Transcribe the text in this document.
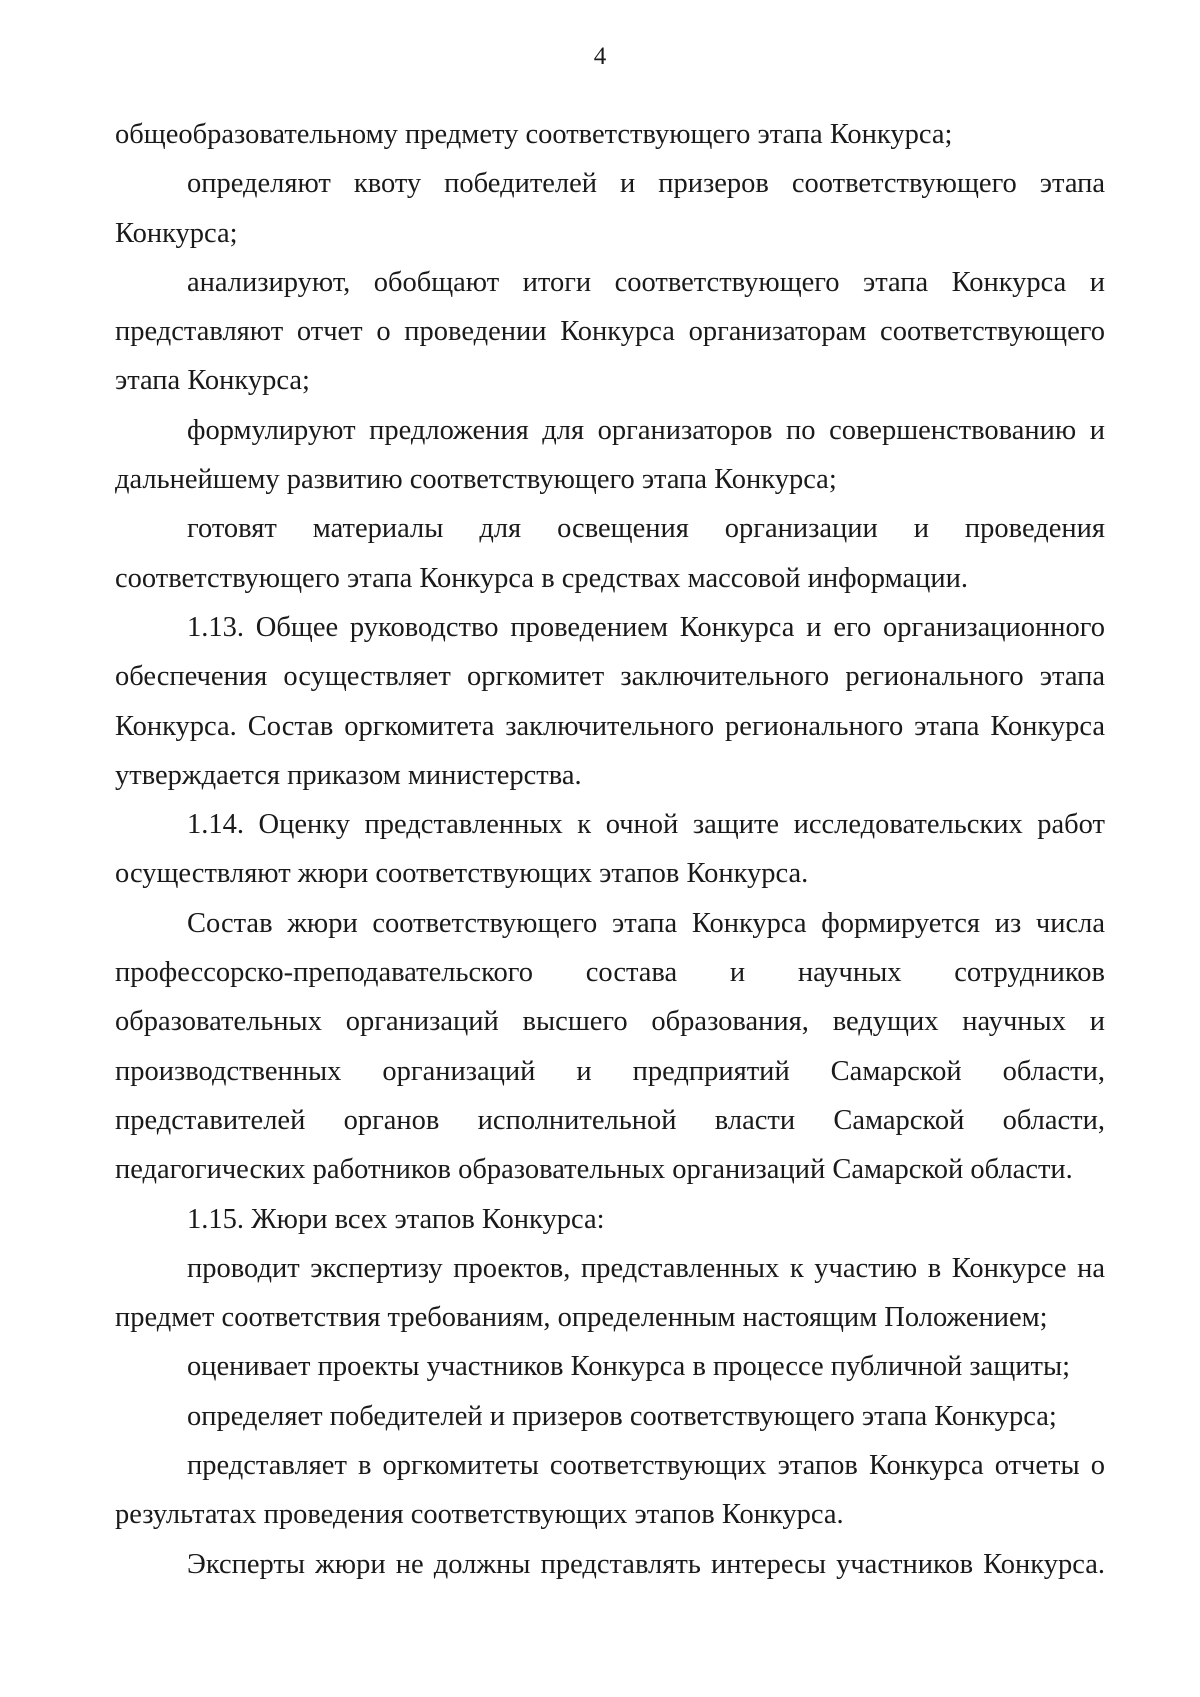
4

общеобразовательному предмету соответствующего этапа Конкурса;

определяют квоту победителей и призеров соответствующего этапа Конкурса;

анализируют, обобщают итоги соответствующего этапа Конкурса и представляют отчет о проведении Конкурса организаторам соответствующего этапа Конкурса;

формулируют предложения для организаторов по совершенствованию и дальнейшему развитию соответствующего этапа Конкурса;

готовят материалы для освещения организации и проведения соответствующего этапа Конкурса в средствах массовой информации.

1.13. Общее руководство проведением Конкурса и его организационного обеспечения осуществляет оргкомитет заключительного регионального этапа Конкурса. Состав оргкомитета заключительного регионального этапа Конкурса утверждается приказом министерства.

1.14. Оценку представленных к очной защите исследовательских работ осуществляют жюри соответствующих этапов Конкурса.

Состав жюри соответствующего этапа Конкурса формируется из числа профессорско-преподавательского состава и научных сотрудников образовательных организаций высшего образования, ведущих научных и производственных организаций и предприятий Самарской области, представителей органов исполнительной власти Самарской области, педагогических работников образовательных организаций Самарской области.

1.15. Жюри всех этапов Конкурса:

проводит экспертизу проектов, представленных к участию в Конкурсе на предмет соответствия требованиям, определенным настоящим Положением;

оценивает проекты участников Конкурса в процессе публичной защиты;

определяет победителей и призеров соответствующего этапа Конкурса;

представляет в оргкомитеты соответствующих этапов Конкурса отчеты о результатах проведения соответствующих этапов Конкурса.

Эксперты жюри не должны представлять интересы участников Конкурса.
